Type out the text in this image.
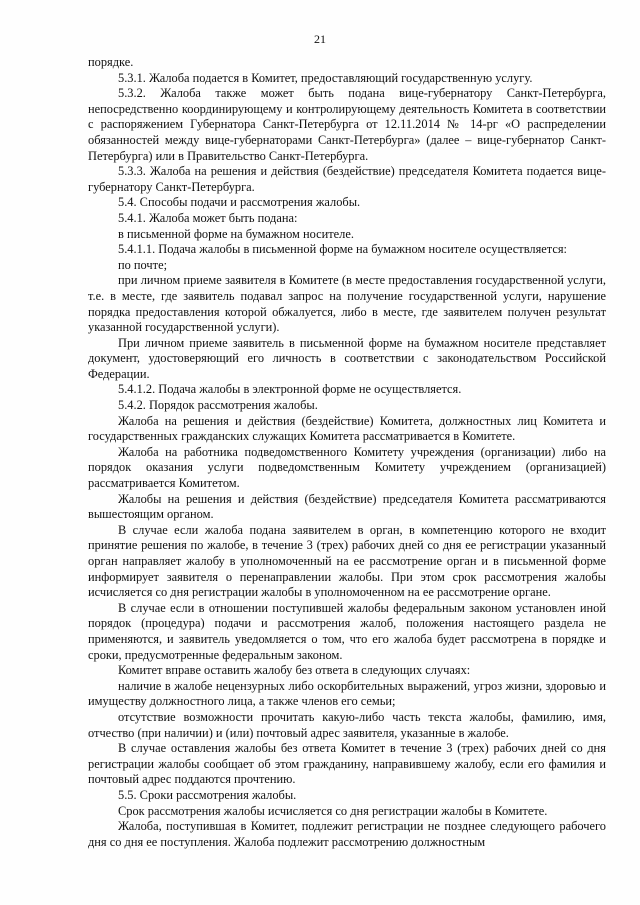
21

порядке.

5.3.1. Жалоба подается в Комитет, предоставляющий государственную услугу.

5.3.2. Жалоба также может быть подана вице-губернатору Санкт-Петербурга, непосредственно координирующему и контролирующему деятельность Комитета в соответствии с распоряжением Губернатора Санкт-Петербурга от 12.11.2014 № 14-рг «О распределении обязанностей между вице-губернаторами Санкт-Петербурга» (далее – вице-губернатор Санкт-Петербурга) или в Правительство Санкт-Петербурга.

5.3.3. Жалоба на решения и действия (бездействие) председателя Комитета подается вице-губернатору Санкт-Петербурга.

5.4. Способы подачи и рассмотрения жалобы.

5.4.1. Жалоба может быть подана:

в письменной форме на бумажном носителе.

5.4.1.1. Подача жалобы в письменной форме на бумажном носителе осуществляется:

по почте;

при личном приеме заявителя в Комитете (в месте предоставления государственной услуги, т.е. в месте, где заявитель подавал запрос на получение государственной услуги, нарушение порядка предоставления которой обжалуется, либо в месте, где заявителем получен результат указанной государственной услуги).

При личном приеме заявитель в письменной форме на бумажном носителе представляет документ, удостоверяющий его личность в соответствии с законодательством Российской Федерации.

5.4.1.2. Подача жалобы в электронной форме не осуществляется.

5.4.2. Порядок рассмотрения жалобы.

Жалоба на решения и действия (бездействие) Комитета, должностных лиц Комитета и государственных гражданских служащих Комитета рассматривается в Комитете.

Жалоба на работника подведомственного Комитету учреждения (организации) либо на порядок оказания услуги подведомственным Комитету учреждением (организацией) рассматривается Комитетом.

Жалобы на решения и действия (бездействие) председателя Комитета рассматриваются вышестоящим органом.

В случае если жалоба подана заявителем в орган, в компетенцию которого не входит принятие решения по жалобе, в течение 3 (трех) рабочих дней со дня ее регистрации указанный орган направляет жалобу в уполномоченный на ее рассмотрение орган и в письменной форме информирует заявителя о перенаправлении жалобы. При этом срок рассмотрения жалобы исчисляется со дня регистрации жалобы в уполномоченном на ее рассмотрение органе.

В случае если в отношении поступившей жалобы федеральным законом установлен иной порядок (процедура) подачи и рассмотрения жалоб, положения настоящего раздела не применяются, и заявитель уведомляется о том, что его жалоба будет рассмотрена в порядке и сроки, предусмотренные федеральным законом.

Комитет вправе оставить жалобу без ответа в следующих случаях:

наличие в жалобе нецензурных либо оскорбительных выражений, угроз жизни, здоровью и имуществу должностного лица, а также членов его семьи;

отсутствие возможности прочитать какую-либо часть текста жалобы, фамилию, имя, отчество (при наличии) и (или) почтовый адрес заявителя, указанные в жалобе.

В случае оставления жалобы без ответа Комитет в течение 3 (трех) рабочих дней со дня регистрации жалобы сообщает об этом гражданину, направившему жалобу, если его фамилия и почтовый адрес поддаются прочтению.

5.5. Сроки рассмотрения жалобы.

Срок рассмотрения жалобы исчисляется со дня регистрации жалобы в Комитете.

Жалоба, поступившая в Комитет, подлежит регистрации не позднее следующего рабочего дня со дня ее поступления. Жалоба подлежит рассмотрению должностным
